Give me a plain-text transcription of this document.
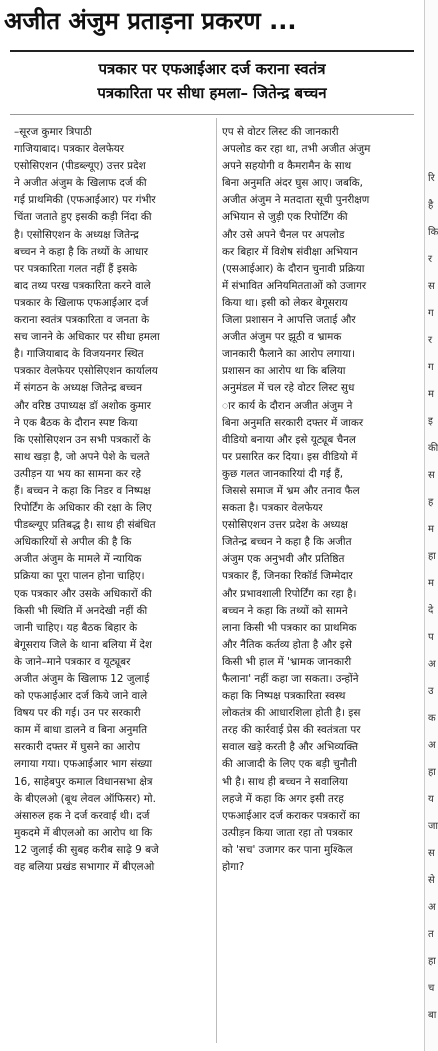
अजीत अंजुम प्रताड़ना प्रकरण ...
पत्रकार पर एफआईआर दर्ज कराना स्वतंत्र
पत्रकारिता पर सीधा हमला– जितेन्द्र बच्चन
–सूरज कुमार त्रिपाठी
गाजियाबाद। पत्रकार वेलफेयर
एसोसिएशन (पीडब्ल्यूए) उत्तर प्रदेश
ने अजीत अंजुम के खिलाफ दर्ज की
गई प्राथमिकी (एफआईआर) पर गंभीर
चिंता जताते हुए इसकी कड़ी निंदा की
है। एसोसिएशन के अध्यक्ष जितेन्द्र
बच्चन ने कहा है कि तथ्यों के आधार
पर पत्रकारिता गलत नहीं हैं इसके
बाद तथ्य परख पत्रकारिता करने वाले
पत्रकार के खिलाफ एफआईआर दर्ज
कराना स्वतंत्र पत्रकारिता व जनता के
सच जानने के अधिकार पर सीधा हमला
है। गाजियाबाद के विजयनगर स्थित
पत्रकार वेलफेयर एसोसिएशन कार्यालय
में संगठन के अध्यक्ष जितेन्द्र बच्चन
और वरिष्ठ उपाध्यक्ष डॉ अशोक कुमार
ने एक बैठक के दौरान स्पष्ट किया
कि एसोसिएशन उन सभी पत्रकारों के
साथ खड़ा है, जो अपने पेशे के चलते
उत्पीड़न या भय का सामना कर रहे
हैं। बच्चन ने कहा कि निडर व निष्पक्ष
रिपोर्टिंग के अधिकार की रक्षा के लिए
पीडब्ल्यूए प्रतिबद्ध है। साथ ही संबंधित
अधिकारियों से अपील की है कि
अजीत अंजुम के मामले में न्यायिक
प्रक्रिया का पूरा पालन होना चाहिए।
एक पत्रकार और उसके अधिकारों की
किसी भी स्थिति में अनदेखी नहीं की
जानी चाहिए। यह बैठक बिहार के
बेगूसराय जिले के थाना बलिया में देश
के जाने–माने पत्रकार व यूट्यूबर
अजीत अंजुम के खिलाफ 12 जुलाई
को एफआईआर दर्ज किये जाने वाले
विषय पर की गई। उन पर सरकारी
काम में बाधा डालने व बिना अनुमति
सरकारी दफ्तर में घुसने का आरोप
लगाया गया। एफआईआर भाग संख्या
16, साहेबपुर कमाल विधानसभा क्षेत्र
के बीएलओ (बूथ लेवल ऑफिसर) मो.
अंसारुल हक ने दर्ज करवाई थी। दर्ज
मुकदमे में बीएलओ का आरोप था कि
12 जुलाई की सुबह करीब साढ़े 9 बजे
वह बलिया प्रखंड सभागार में बीएलओ
एप से वोटर लिस्ट की जानकारी
अपलोड कर रहा था, तभी अजीत अंजुम
अपने सहयोगी व कैमरामैन के साथ
बिना अनुमति अंदर घुस आए। जबकि,
अजीत अंजुम ने मतदाता सूची पुनरीक्षण
अभियान से जुड़ी एक रिपोर्टिंग की
और उसे अपने चैनल पर अपलोड
कर बिहार में विशेष संवीक्षा अभियान
(एसआईआर) के दौरान चुनावी प्रक्रिया
में संभावित अनियमितताओं को उजागर
किया था। इसी को लेकर बेगूसराय
जिला प्रशासन ने आपत्ति जताई और
अजीत अंजुम पर झूठी व भ्रामक
जानकारी फैलाने का आरोप लगाया।
प्रशासन का आरोप था कि बलिया
अनुमंडल में चल रहे वोटर लिस्ट सुध
ार कार्य के दौरान अजीत अंजुम ने
बिना अनुमति सरकारी दफ्तर में जाकर
वीडियो बनाया और इसे यूट्यूब चैनल
पर प्रसारित कर दिया। इस वीडियो में
कुछ गलत जानकारियां दी गई हैं,
जिससे समाज में भ्रम और तनाव फैल
सकता है। पत्रकार वेलफेयर
एसोसिएशन उत्तर प्रदेश के अध्यक्ष
जितेन्द्र बच्चन ने कहा है कि अजीत
अंजुम एक अनुभवी और प्रतिष्ठित
पत्रकार हैं, जिनका रिकॉर्ड जिम्मेदार
और प्रभावशाली रिपोर्टिंग का रहा है।
बच्चन ने कहा कि तथ्यों को सामने
लाना किसी भी पत्रकार का प्राथमिक
और नैतिक कर्तव्य होता है और इसे
किसी भी हाल में 'भ्रामक जानकारी
फैलाना' नहीं कहा जा सकता। उन्होंने
कहा कि निष्पक्ष पत्रकारिता स्वस्थ
लोकतंत्र की आधारशिला होती है। इस
तरह की कार्रवाई प्रेस की स्वतंत्रता पर
सवाल खड़े करती है और अभिव्यक्ति
की आजादी के लिए एक बड़ी चुनौती
भी है। साथ ही बच्चन ने सवालिया
लहजे में कहा कि अगर इसी तरह
एफआईआर दर्ज कराकर पत्रकारों का
उत्पीड़न किया जाता रहा तो पत्रकार
को 'सच' उजागर कर पाना मुश्किल
होगा?
रि
है
कि
र
स
ग
र
ग
म
इ
की
स
ह
म
हा
म
दे
प
अ
उ
क
अ
हा
य
जा
स
से
अ
त
हा
च
बा
